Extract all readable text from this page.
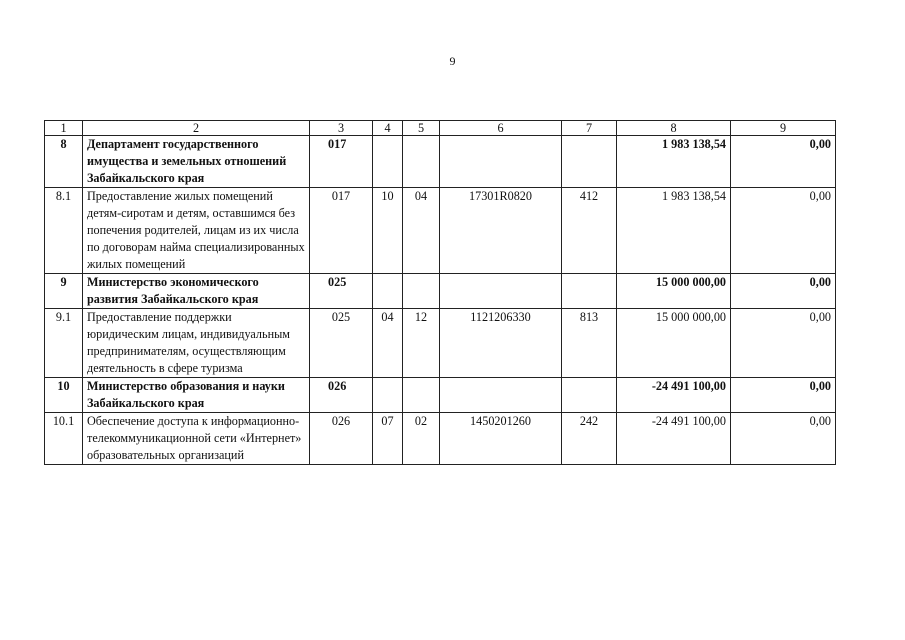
9
1	2	3	4	5	6	7	8	9
8	Департамент государственного имущества и земельных отношений Забайкальского края	017					1 983 138,54	0,00
8.1	Предоставление жилых помещений детям-сиротам и детям, оставшимся без попечения родителей, лицам из их числа по договорам найма специализированных жилых помещений	017	10	04	17301R0820	412	1 983 138,54	0,00
9	Министерство экономического развития Забайкальского края	025					15 000 000,00	0,00
9.1	Предоставление поддержки юридическим лицам, индивидуальным предпринимателям, осуществляющим деятельность в сфере туризма	025	04	12	1121206330	813	15 000 000,00	0,00
10	Министерство образования и науки Забайкальского края	026					-24 491 100,00	0,00
10.1	Обеспечение доступа к информационно-телекоммуникационной сети «Интернет» образовательных организаций	026	07	02	1450201260	242	-24 491 100,00	0,00
